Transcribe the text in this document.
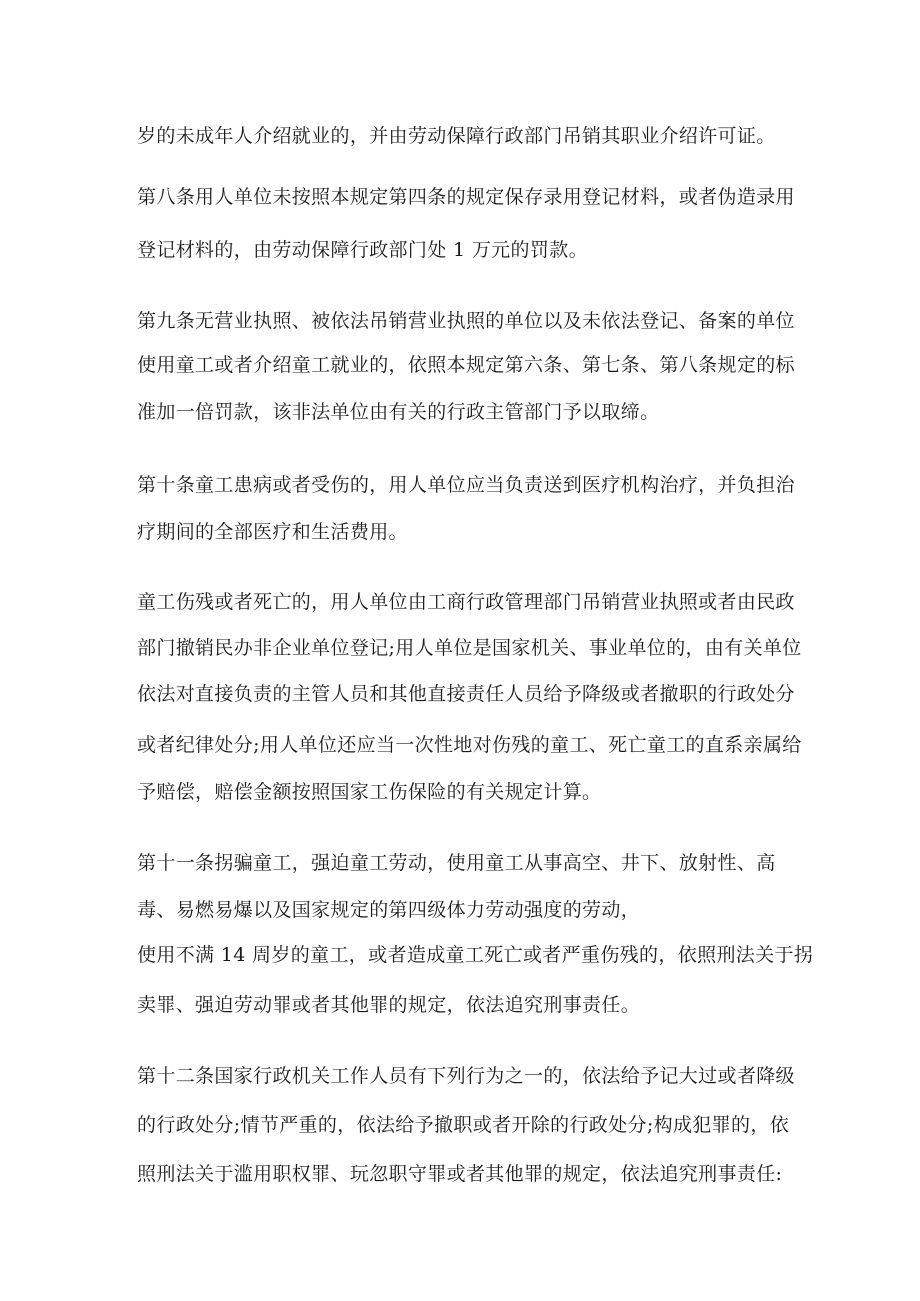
岁的未成年人介绍就业的，并由劳动保障行政部门吊销其职业介绍许可证。
第八条用人单位未按照本规定第四条的规定保存录用登记材料，或者伪造录用
登记材料的，由劳动保障行政部门处 1 万元的罚款。
第九条无营业执照、被依法吊销营业执照的单位以及未依法登记、备案的单位
使用童工或者介绍童工就业的，依照本规定第六条、第七条、第八条规定的标
准加一倍罚款，该非法单位由有关的行政主管部门予以取缔。
第十条童工患病或者受伤的，用人单位应当负责送到医疗机构治疗，并负担治
疗期间的全部医疗和生活费用。
童工伤残或者死亡的，用人单位由工商行政管理部门吊销营业执照或者由民政
部门撤销民办非企业单位登记;用人单位是国家机关、事业单位的，由有关单位
依法对直接负责的主管人员和其他直接责任人员给予降级或者撤职的行政处分
或者纪律处分;用人单位还应当一次性地对伤残的童工、死亡童工的直系亲属给
予赔偿，赔偿金额按照国家工伤保险的有关规定计算。
第十一条拐骗童工，强迫童工劳动，使用童工从事高空、井下、放射性、高
毒、易燃易爆以及国家规定的第四级体力劳动强度的劳动，
使用不满 14 周岁的童工，或者造成童工死亡或者严重伤残的，依照刑法关于拐
卖罪、强迫劳动罪或者其他罪的规定，依法追究刑事责任。
第十二条国家行政机关工作人员有下列行为之一的，依法给予记大过或者降级
的行政处分;情节严重的，依法给予撤职或者开除的行政处分;构成犯罪的，依
照刑法关于滥用职权罪、玩忽职守罪或者其他罪的规定，依法追究刑事责任:
